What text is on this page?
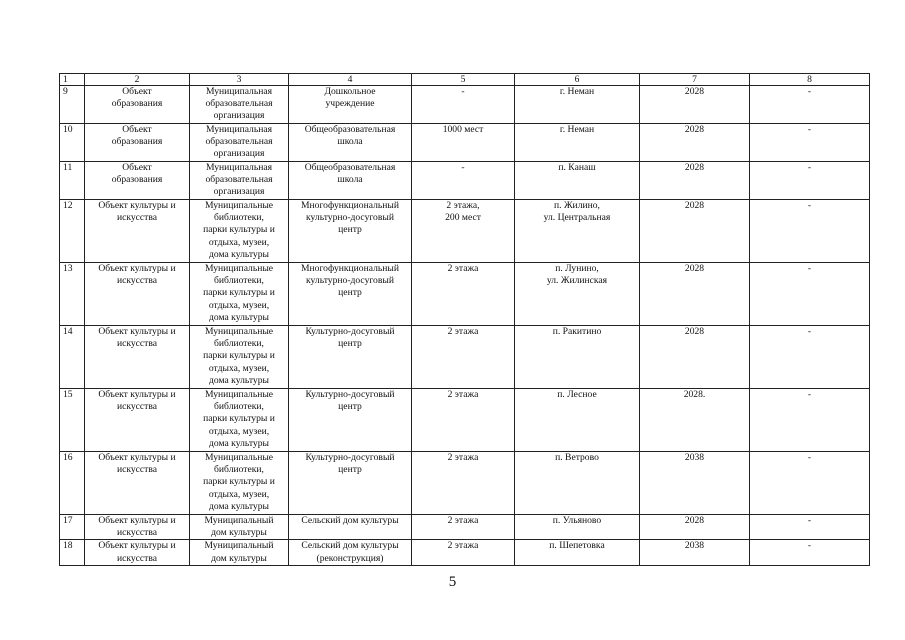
1	2	3	4	5	6	7	8
9	Объект
образования	Муниципальная
образовательная
организация	Дошкольное
учреждение	-	г. Неман	2028	-
10	Объект
образования	Муниципальная
образовательная
организация	Общеобразовательная
школа	1000 мест	г. Неман	2028	-
11	Объект
образования	Муниципальная
образовательная
организация	Общеобразовательная
школа	-	п. Канаш	2028	-
12	Объект культуры и
искусства	Муниципальные
библиотеки,
парки культуры и
отдыха, музеи,
дома культуры	Многофункциональный
культурно-досуговый
центр	2 этажа,
200 мест	п. Жилино,
ул. Центральная	2028	-
13	Объект культуры и
искусства	Муниципальные
библиотеки,
парки культуры и
отдыха, музеи,
дома культуры	Многофункциональный
культурно-досуговый
центр	2 этажа	п. Лунино,
ул. Жилинская	2028	-
14	Объект культуры и
искусства	Муниципальные
библиотеки,
парки культуры и
отдыха, музеи,
дома культуры	Культурно-досуговый
центр	2 этажа	п. Ракитино	2028	-
15	Объект культуры и
искусства	Муниципальные
библиотеки,
парки культуры и
отдыха, музеи,
дома культуры	Культурно-досуговый
центр	2 этажа	п. Лесное	2028.	-
16	Объект культуры и
искусства	Муниципальные
библиотеки,
парки культуры и
отдыха, музеи,
дома культуры	Культурно-досуговый
центр	2 этажа	п. Ветрово	2038	-
17	Объект культуры и
искусства	Муниципальный
дом культуры	Сельский дом культуры	2 этажа	п. Ульяново	2028	-
18	Объект культуры и
искусства	Муниципальный
дом культуры	Сельский дом культуры
(реконструкция)	2 этажа	п. Шепетовка	2038	-
5
